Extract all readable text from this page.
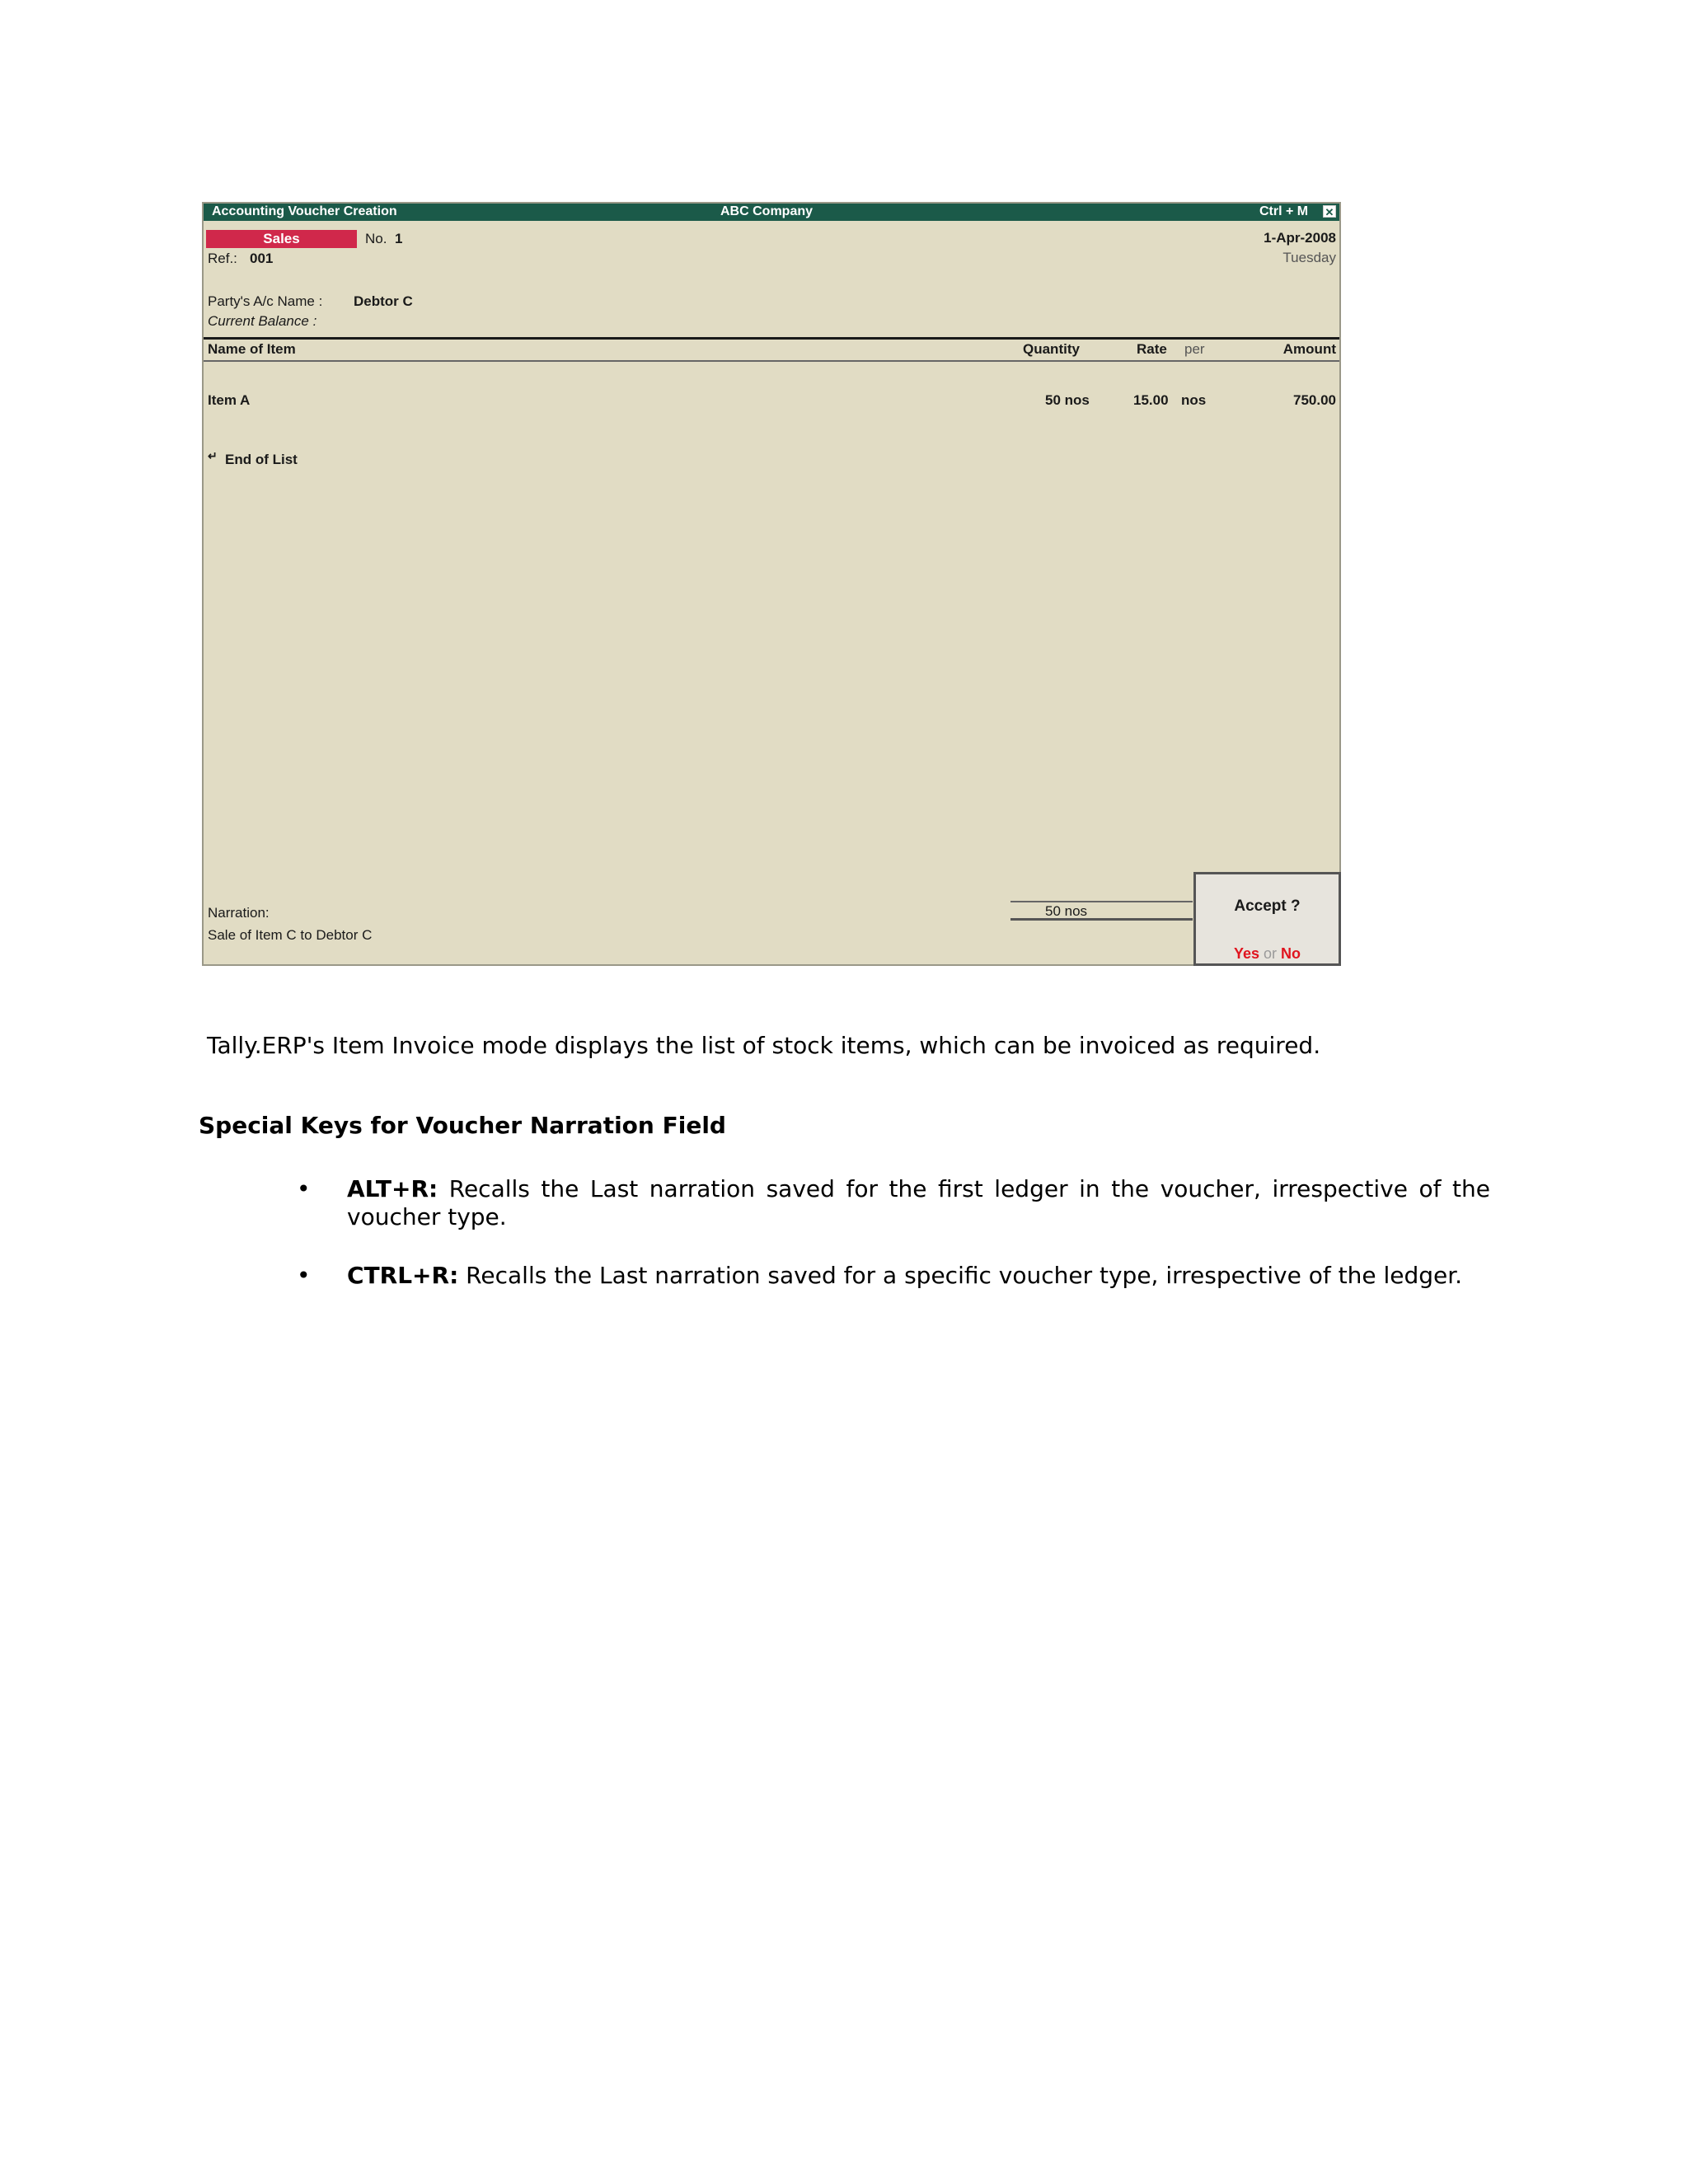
Accounting Voucher Creation	ABC Company	Ctrl + M ✕
Sales	No. 1	1-Apr-2008
Tuesday
Ref.: 001
Party's A/c Name : Debtor C
Current Balance :
Name of Item	Quantity	Rate per	Amount
Item A	50 nos	15.00 nos	750.00
↵ End of List
Narration:
Sale of Item C to Debtor C
50 nos	Accept ?
Yes or No
Tally.ERP's Item Invoice mode displays the list of stock items, which can be invoiced as required.
Special Keys for Voucher Narration Field
• ALT+R: Recalls the Last narration saved for the first ledger in the voucher, irrespective of the voucher type.
• CTRL+R: Recalls the Last narration saved for a specific voucher type, irrespective of the ledger.
